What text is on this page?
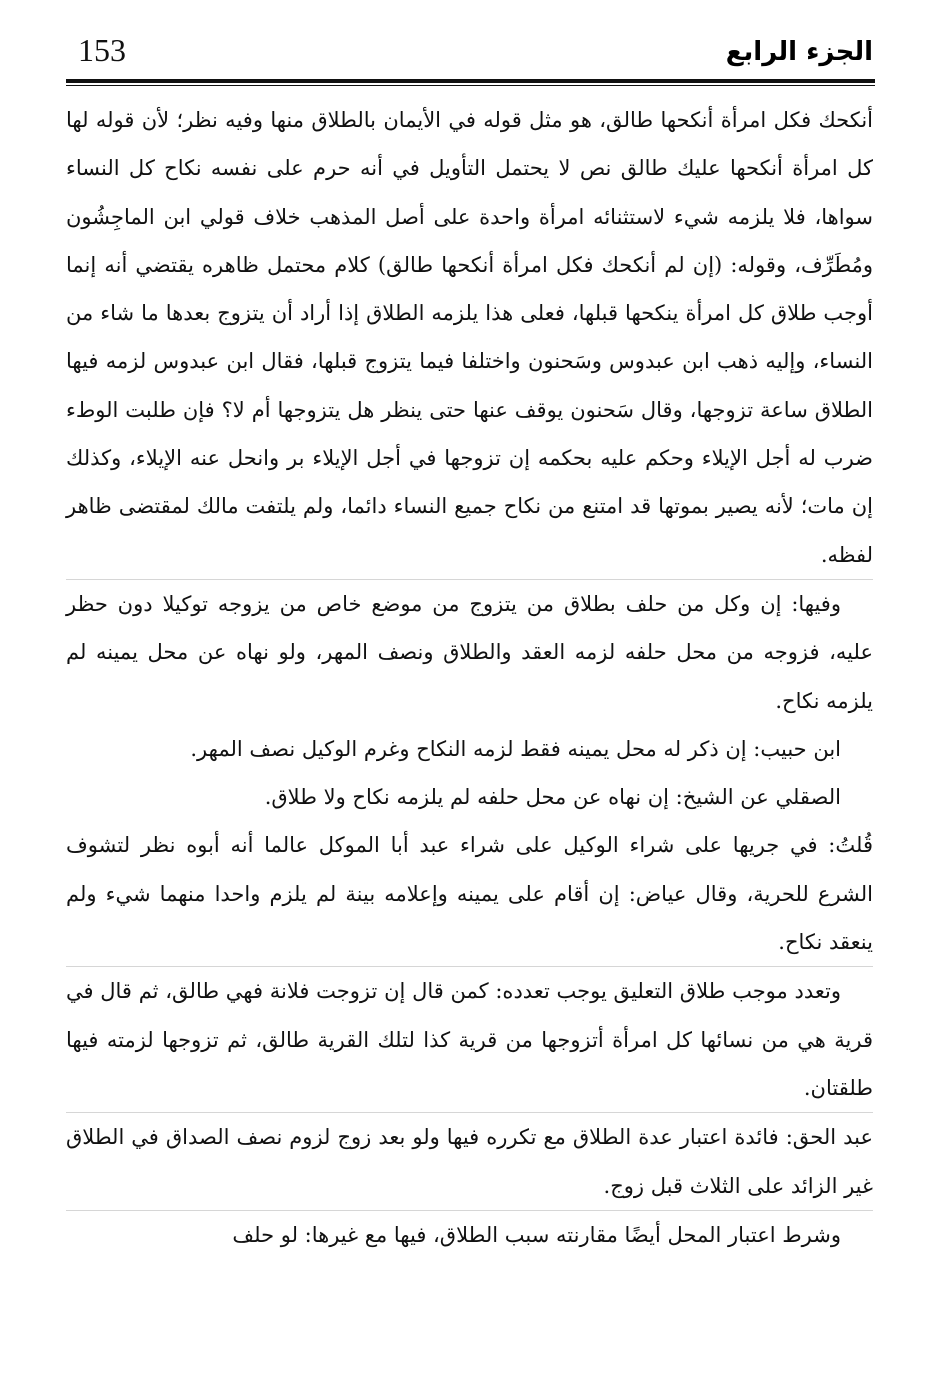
153	الجزء الرابع

أنكحك فكل امرأة أنكحها طالق، هو مثل قوله في الأيمان بالطلاق منها وفيه نظر؛ لأن قوله لها كل امرأة أنكحها عليك طالق نص لا يحتمل التأويل في أنه حرم على نفسه نكاح كل النساء سواها، فلا يلزمه شيء لاستثنائه امرأة واحدة على أصل المذهب خلاف قولي ابن الماجِشُون ومُطَرِّف، وقوله: (إن لم أنكحك فكل امرأة أنكحها طالق) كلام محتمل ظاهره يقتضي أنه إنما أوجب طلاق كل امرأة ينكحها قبلها، فعلى هذا يلزمه الطلاق إذا أراد أن يتزوج بعدها ما شاء من النساء، وإليه ذهب ابن عبدوس وسَحنون واختلفا فيما يتزوج قبلها، فقال ابن عبدوس لزمه فيها الطلاق ساعة تزوجها، وقال سَحنون يوقف عنها حتى ينظر هل يتزوجها أم لا؟ فإن طلبت الوطء ضرب له أجل الإيلاء وحكم عليه بحكمه إن تزوجها في أجل الإيلاء بر وانحل عنه الإيلاء، وكذلك إن مات؛ لأنه يصير بموتها قد امتنع من نكاح جميع النساء دائما، ولم يلتفت مالك لمقتضى ظاهر لفظه.

وفيها: إن وكل من حلف بطلاق من يتزوج من موضع خاص من يزوجه توكيلا دون حظر عليه، فزوجه من محل حلفه لزمه العقد والطلاق ونصف المهر، ولو نهاه عن محل يمينه لم يلزمه نكاح.

ابن حبيب: إن ذكر له محل يمينه فقط لزمه النكاح وغرم الوكيل نصف المهر.

الصقلي عن الشيخ: إن نهاه عن محل حلفه لم يلزمه نكاح ولا طلاق.

قُلتُ: في جريها على شراء الوكيل على شراء عبد أبا الموكل عالما أنه أبوه نظر لتشوف الشرع للحرية، وقال عياض: إن أقام على يمينه وإعلامه بينة لم يلزم واحدا منهما شيء ولم ينعقد نكاح.

وتعدد موجب طلاق التعليق يوجب تعدده: كمن قال إن تزوجت فلانة فهي طالق، ثم قال في قرية هي من نسائها كل امرأة أتزوجها من قرية كذا لتلك القرية طالق، ثم تزوجها لزمته فيها طلقتان.

عبد الحق: فائدة اعتبار عدة الطلاق مع تكرره فيها ولو بعد زوج لزوم نصف الصداق في الطلاق غير الزائد على الثلاث قبل زوج.

وشرط اعتبار المحل أيضًا مقارنته سبب الطلاق، فيها مع غيرها: لو حلف
